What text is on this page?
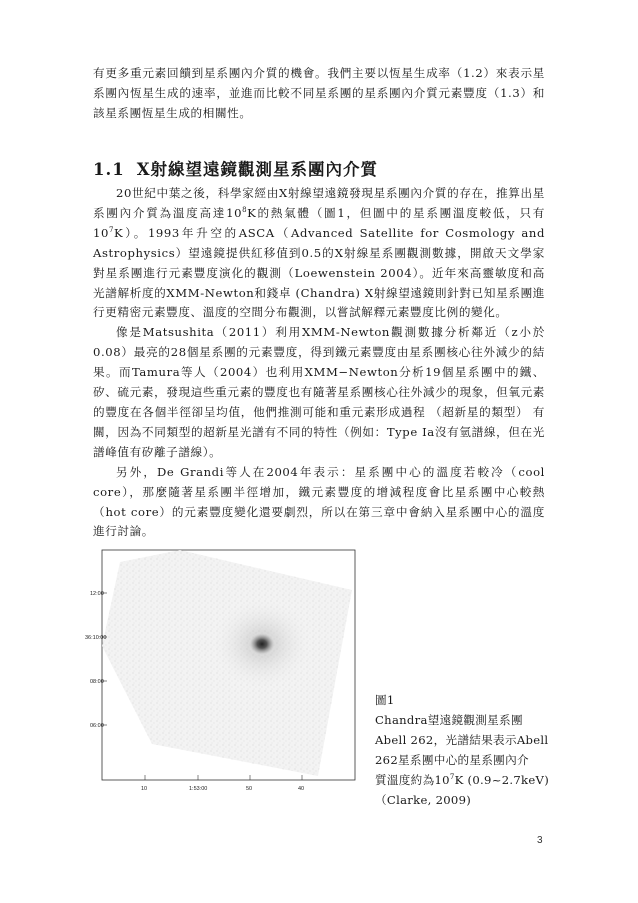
有更多重元素回饋到星系團內介質的機會。我們主要以恆星生成率（1.2）來表示星系團內恆星生成的速率，並進而比較不同星系團的星系團內介質元素豐度（1.3）和該星系團恆星生成的相關性。

1.1 X射線望遠鏡觀測星系團內介質

20世紀中葉之後，科學家經由X射線望遠鏡發現星系團內介質的存在，推算出星系團內介質為溫度高達$10^8K$的熱氣體（圖1，但圖中的星系團溫度較低，只有$10^7K$）。1993年升空的ASCA（Advanced Satellite for Cosmology and Astrophysics）望遠鏡提供紅移值到0.5的X射線星系團觀測數據，開啟天文學家對星系團進行元素豐度演化的觀測（Loewenstein 2004）。近年來高靈敏度和高光譜解析度的XMM-Newton和錢卓 (Chandra) X射線望遠鏡則針對已知星系團進行更精密元素豐度、溫度的空間分布觀測，以嘗試解釋元素豐度比例的變化。

像是Matsushita（2011）利用XMM-Newton觀測數據分析鄰近（z小於0.08）最亮的28個星系團的元素豐度，得到鐵元素豐度由星系團核心往外減少的結果。而Tamura等人（2004）也利用XMM−Newton分析19個星系團中的鐵、矽、硫元素，發現這些重元素的豐度也有隨著星系團核心往外減少的現象，但氧元素的豐度在各個半徑卻呈均值，他們推測可能和重元素形成過程 （超新星的類型） 有關，因為不同類型的超新星光譜有不同的特性（例如：Type Ia沒有氫譜線，但在光譜峰值有矽離子譜線）。

另外，De Grandi等人在2004年表示：星系團中心的溫度若較冷（cool core），那麼隨著星系團半徑增加，鐵元素豐度的增減程度會比星系團中心較熱（hot core）的元素豐度變化還要劇烈，所以在第三章中會納入星系團中心的溫度進行討論。

12:00
36:10:00
08:00
06:00
10	1:53:00	50	40
圖1
Chandra望遠鏡觀測星系團
Abell 262，光譜結果表示Abell
262星系團中心的星系團內介
質溫度約為$10^7K$ (0.9~2.7keV)
（Clarke, 2009)
3
